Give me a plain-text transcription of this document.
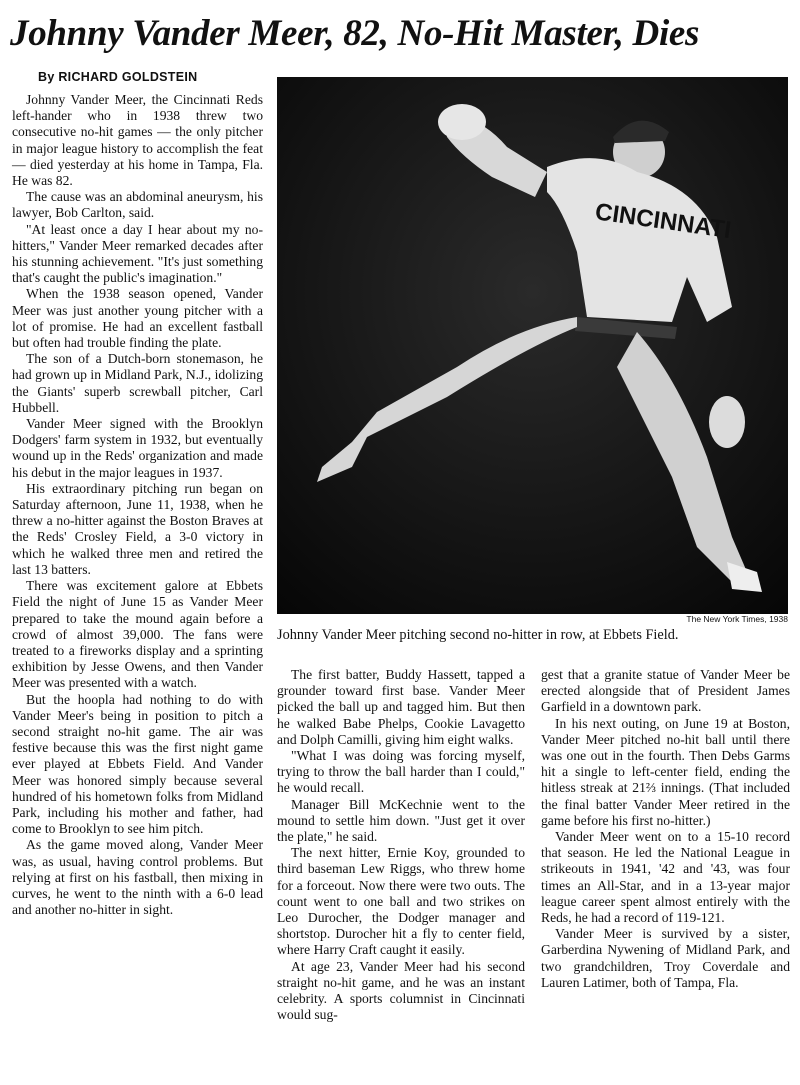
Johnny Vander Meer, 82, No-Hit Master, Dies
By RICHARD GOLDSTEIN

Johnny Vander Meer, the Cincinnati Reds left-hander who in 1938 threw two consecutive no-hit games — the only pitcher in major league history to accomplish the feat — died yesterday at his home in Tampa, Fla. He was 82.

The cause was an abdominal aneurysm, his lawyer, Bob Carlton, said.

"At least once a day I hear about my no-hitters," Vander Meer remarked decades after his stunning achievement. "It's just something that's caught the public's imagination."

When the 1938 season opened, Vander Meer was just another young pitcher with a lot of promise. He had an excellent fastball but often had trouble finding the plate.

The son of a Dutch-born stonemason, he had grown up in Midland Park, N.J., idolizing the Giants' superb screwball pitcher, Carl Hubbell.

Vander Meer signed with the Brooklyn Dodgers' farm system in 1932, but eventually wound up in the Reds' organization and made his debut in the major leagues in 1937.

His extraordinary pitching run began on Saturday afternoon, June 11, 1938, when he threw a no-hitter against the Boston Braves at the Reds' Crosley Field, a 3-0 victory in which he walked three men and retired the last 13 batters.

There was excitement galore at Ebbets Field the night of June 15 as Vander Meer prepared to take the mound again before a crowd of almost 39,000. The fans were treated to a fireworks display and a sprinting exhibition by Jesse Owens, and then Vander Meer was presented with a watch.

But the hoopla had nothing to do with Vander Meer's being in position to pitch a second straight no-hit game. The air was festive because this was the first night game ever played at Ebbets Field. And Vander Meer was honored simply because several hundred of his hometown folks from Midland Park, including his mother and father, had come to Brooklyn to see him pitch.

As the game moved along, Vander Meer was, as usual, having control problems. But relying at first on his fastball, then mixing in curves, he went to the ninth with a 6-0 lead and another no-hitter in sight.

CINCINNATI
The New York Times, 1938
Johnny Vander Meer pitching second no-hitter in row, at Ebbets Field.

The first batter, Buddy Hassett, tapped a grounder toward first base. Vander Meer picked the ball up and tagged him. But then he walked Babe Phelps, Cookie Lavagetto and Dolph Camilli, giving him eight walks.

"What I was doing was forcing myself, trying to throw the ball harder than I could," he would recall.

Manager Bill McKechnie went to the mound to settle him down. "Just get it over the plate," he said.

The next hitter, Ernie Koy, grounded to third baseman Lew Riggs, who threw home for a forceout. Now there were two outs. The count went to one ball and two strikes on Leo Durocher, the Dodger manager and shortstop. Durocher hit a fly to center field, where Harry Craft caught it easily.

At age 23, Vander Meer had his second straight no-hit game, and he was an instant celebrity. A sports columnist in Cincinnati would sug-

gest that a granite statue of Vander Meer be erected alongside that of President James Garfield in a downtown park.

In his next outing, on June 19 at Boston, Vander Meer pitched no-hit ball until there was one out in the fourth. Then Debs Garms hit a single to left-center field, ending the hitless streak at 21⅔ innings. (That included the final batter Vander Meer retired in the game before his first no-hitter.)

Vander Meer went on to a 15-10 record that season. He led the National League in strikeouts in 1941, '42 and '43, was four times an All-Star, and in a 13-year major league career spent almost entirely with the Reds, he had a record of 119-121.

Vander Meer is survived by a sister, Garberdina Nywening of Midland Park, and two grandchildren, Troy Coverdale and Lauren Latimer, both of Tampa, Fla.
